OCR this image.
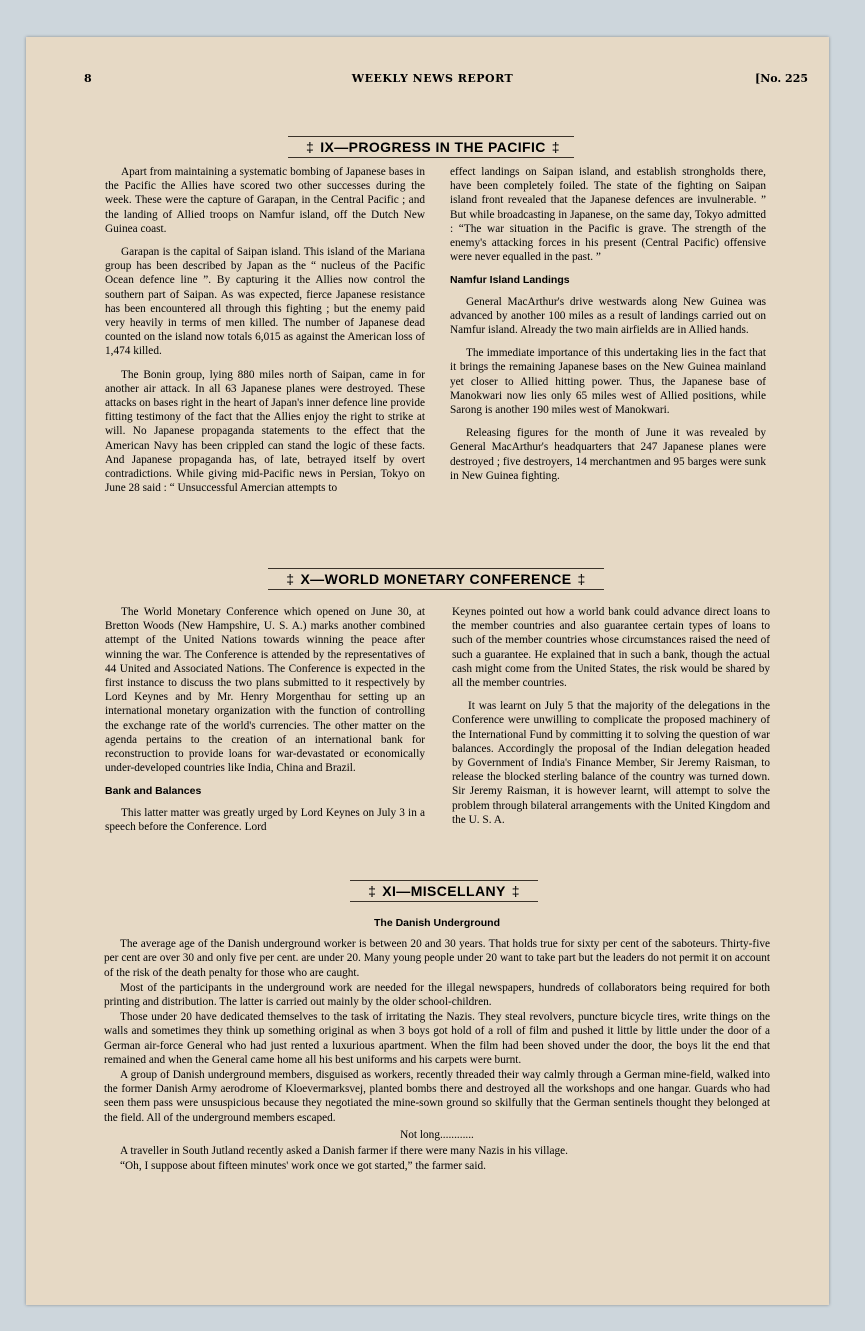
8	WEEKLY NEWS REPORT	[No. 225
‡ IX—PROGRESS IN THE PACIFIC ‡

Apart from maintaining a systematic bombing of Japanese bases in the Pacific the Allies have scored two other successes during the week. These were the capture of Garapan, in the Central Pacific ; and the landing of Allied troops on Namfur island, off the Dutch New Guinea coast.

Garapan is the capital of Saipan island. This island of the Mariana group has been described by Japan as the “ nucleus of the Pacific Ocean defence line ”. By capturing it the Allies now control the southern part of Saipan. As was expected, fierce Japanese resistance has been encountered all through this fighting ; but the enemy paid very heavily in terms of men killed. The number of Japanese dead counted on the island now totals 6,015 as against the American loss of 1,474 killed.

The Bonin group, lying 880 miles north of Saipan, came in for another air attack. In all 63 Japanese planes were destroyed. These attacks on bases right in the heart of Japan's inner defence line provide fitting testimony of the fact that the Allies enjoy the right to strike at will. No Japanese propaganda statements to the effect that the American Navy has been crippled can stand the logic of these facts. And Japanese propaganda has, of late, betrayed itself by overt contradictions. While giving mid-Pacific news in Persian, Tokyo on June 28 said : “ Unsuccessful Amercian attempts to

effect landings on Saipan island, and establish strongholds there, have been completely foiled. The state of the fighting on Saipan island front revealed that the Japanese defences are invulnerable. ” But while broadcasting in Japanese, on the same day, Tokyo admitted : “The war situation in the Pacific is grave. The strength of the enemy's attacking forces in his present (Central Pacific) offensive were never equalled in the past. ”

Namfur Island Landings

General MacArthur's drive westwards along New Guinea was advanced by another 100 miles as a result of landings carried out on Namfur island. Already the two main airfields are in Allied hands.

The immediate importance of this undertaking lies in the fact that it brings the remaining Japanese bases on the New Guinea mainland yet closer to Allied hitting power. Thus, the Japanese base of Manokwari now lies only 65 miles west of Allied positions, while Sarong is another 190 miles west of Manokwari.

Releasing figures for the month of June it was revealed by General MacArthur's headquarters that 247 Japanese planes were destroyed ; five destroyers, 14 merchantmen and 95 barges were sunk in New Guinea fighting.

‡ X—WORLD MONETARY CONFERENCE ‡

The World Monetary Conference which opened on June 30, at Bretton Woods (New Hampshire, U. S. A.) marks another combined attempt of the United Nations towards winning the peace after winning the war. The Conference is attended by the representatives of 44 United and Associated Nations. The Conference is expected in the first instance to discuss the two plans submitted to it respectively by Lord Keynes and by Mr. Henry Morgenthau for setting up an international monetary organization with the function of controlling the exchange rate of the world's currencies. The other matter on the agenda pertains to the creation of an international bank for reconstruction to provide loans for war-devastated or economically under-developed countries like India, China and Brazil.

Bank and Balances

This latter matter was greatly urged by Lord Keynes on July 3 in a speech before the Conference. Lord

Keynes pointed out how a world bank could advance direct loans to the member countries and also guarantee certain types of loans to such of the member countries whose circumstances raised the need of such a guarantee. He explained that in such a bank, though the actual cash might come from the United States, the risk would be shared by all the member countries.

It was learnt on July 5 that the majority of the delegations in the Conference were unwilling to complicate the proposed machinery of the International Fund by committing it to solving the question of war balances. Accordingly the proposal of the Indian delegation headed by Government of India's Finance Member, Sir Jeremy Raisman, to release the blocked sterling balance of the country was turned down. Sir Jeremy Raisman, it is however learnt, will attempt to solve the problem through bilateral arrangements with the United Kingdom and the U. S. A.

‡ XI—MISCELLANY ‡
The Danish Underground

The average age of the Danish underground worker is between 20 and 30 years. That holds true for sixty per cent of the saboteurs. Thirty-five per cent are over 30 and only five per cent. are under 20. Many young people under 20 want to take part but the leaders do not permit it on account of the risk of the death penalty for those who are caught.

Most of the participants in the underground work are needed for the illegal newspapers, hundreds of collaborators being required for both printing and distribution. The latter is carried out mainly by the older school-children.

Those under 20 have dedicated themselves to the task of irritating the Nazis. They steal revolvers, puncture bicycle tires, write things on the walls and sometimes they think up something original as when 3 boys got hold of a roll of film and pushed it little by little under the door of a German air-force General who had just rented a luxurious apartment. When the film had been shoved under the door, the boys lit the end that remained and when the General came home all his best uniforms and his carpets were burnt.

A group of Danish underground members, disguised as workers, recently threaded their way calmly through a German mine-field, walked into the former Danish Army aerodrome of Kloevermarksvej, planted bombs there and destroyed all the workshops and one hangar. Guards who had seen them pass were unsuspicious because they negotiated the mine-sown ground so skilfully that the German sentinels thought they belonged at the field. All of the underground members escaped.

Not long............

A traveller in South Jutland recently asked a Danish farmer if there were many Nazis in his village.

“Oh, I suppose about fifteen minutes' work once we got started,” the farmer said.
